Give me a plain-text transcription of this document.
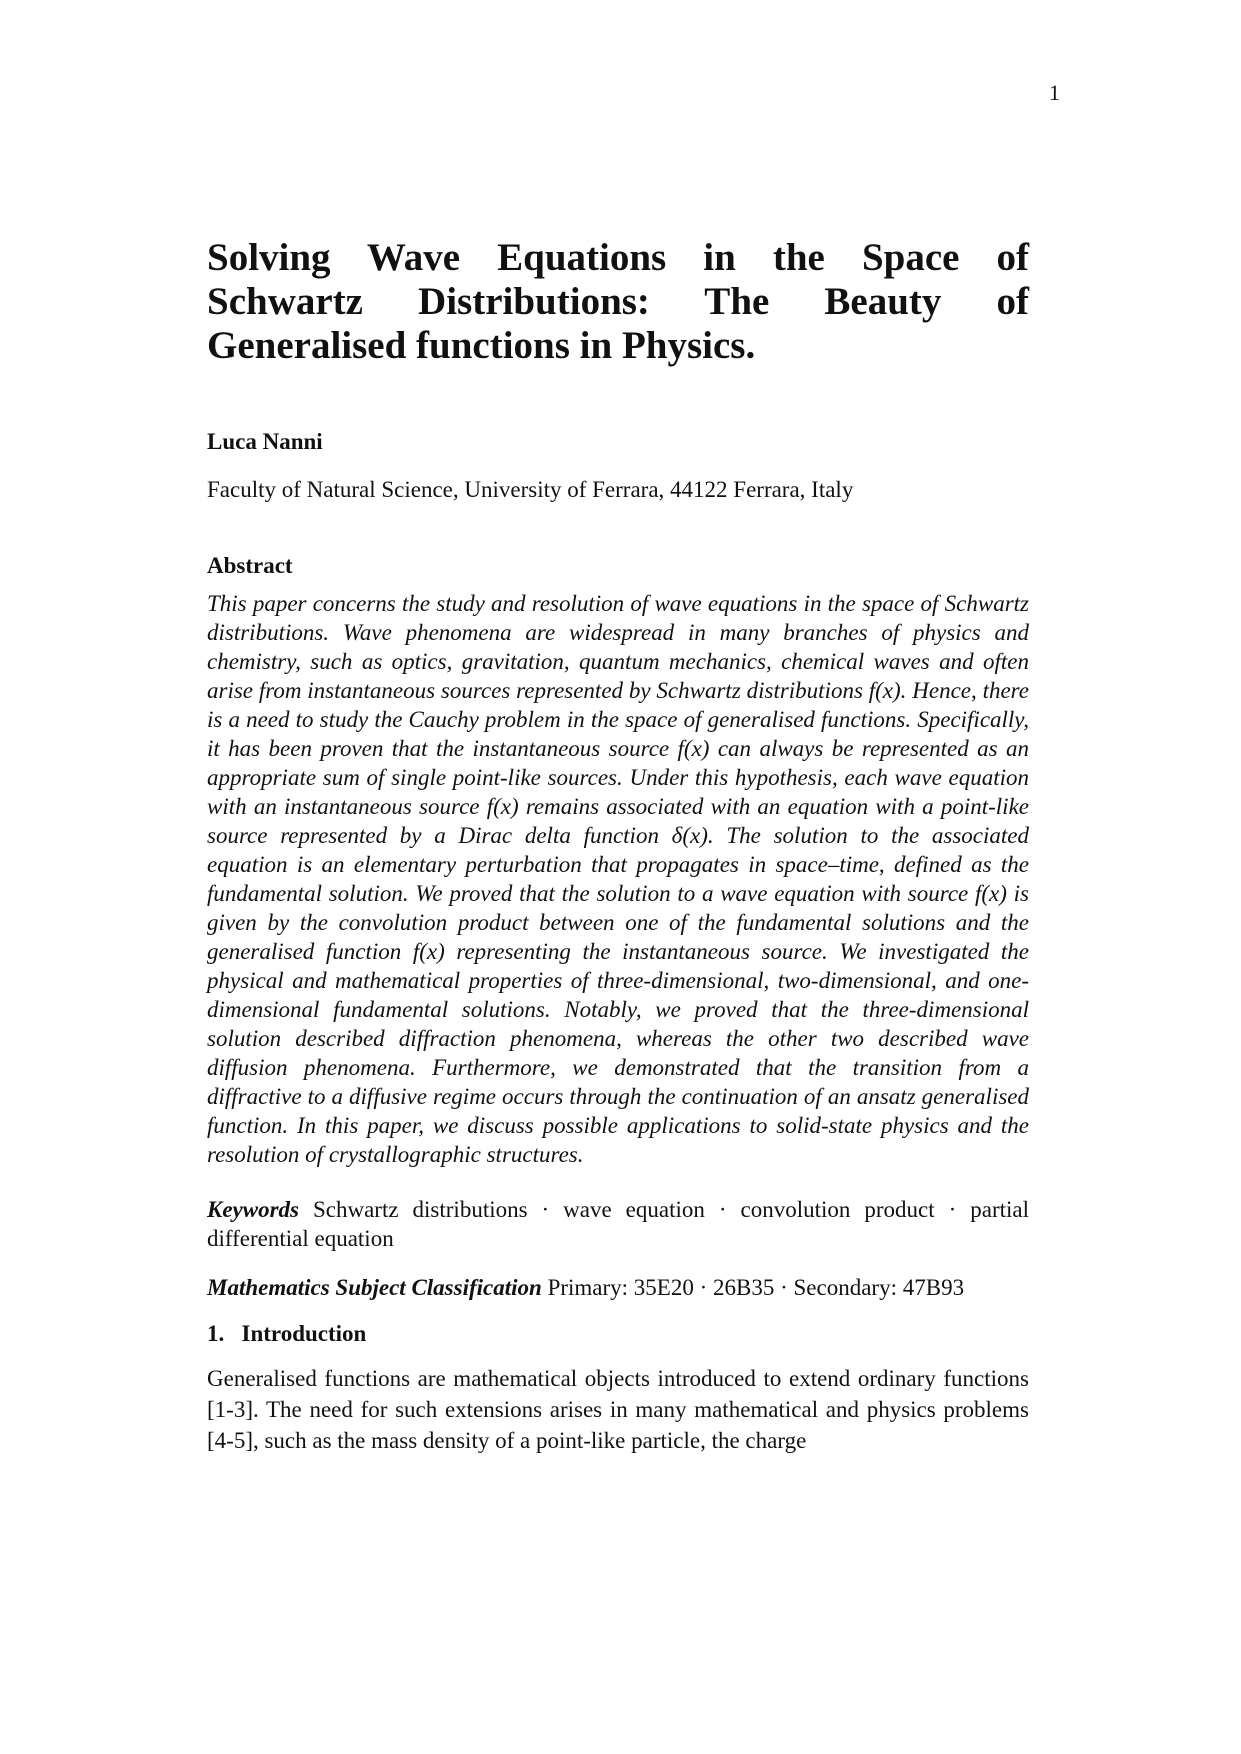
1
Solving Wave Equations in the Space of Schwartz Distributions: The Beauty of Generalised functions in Physics.
Luca Nanni
Faculty of Natural Science, University of Ferrara, 44122 Ferrara, Italy
Abstract
This paper concerns the study and resolution of wave equations in the space of Schwartz distributions. Wave phenomena are widespread in many branches of physics and chemistry, such as optics, gravitation, quantum mechanics, chemical waves and often arise from instantaneous sources represented by Schwartz distributions f(x). Hence, there is a need to study the Cauchy problem in the space of generalised functions. Specifically, it has been proven that the instantaneous source f(x) can always be represented as an appropriate sum of single point-like sources. Under this hypothesis, each wave equation with an instantaneous source f(x) remains associated with an equation with a point-like source represented by a Dirac delta function δ(x). The solution to the associated equation is an elementary perturbation that propagates in space–time, defined as the fundamental solution. We proved that the solution to a wave equation with source f(x) is given by the convolution product between one of the fundamental solutions and the generalised function f(x) representing the instantaneous source. We investigated the physical and mathematical properties of three-dimensional, two-dimensional, and one-dimensional fundamental solutions. Notably, we proved that the three-dimensional solution described diffraction phenomena, whereas the other two described wave diffusion phenomena. Furthermore, we demonstrated that the transition from a diffractive to a diffusive regime occurs through the continuation of an ansatz generalised function. In this paper, we discuss possible applications to solid-state physics and the resolution of crystallographic structures.
Keywords Schwartz distributions · wave equation · convolution product · partial differential equation
Mathematics Subject Classification Primary: 35E20 · 26B35 · Secondary: 47B93
1.   Introduction
Generalised functions are mathematical objects introduced to extend ordinary functions [1-3]. The need for such extensions arises in many mathematical and physics problems [4-5], such as the mass density of a point-like particle, the charge
